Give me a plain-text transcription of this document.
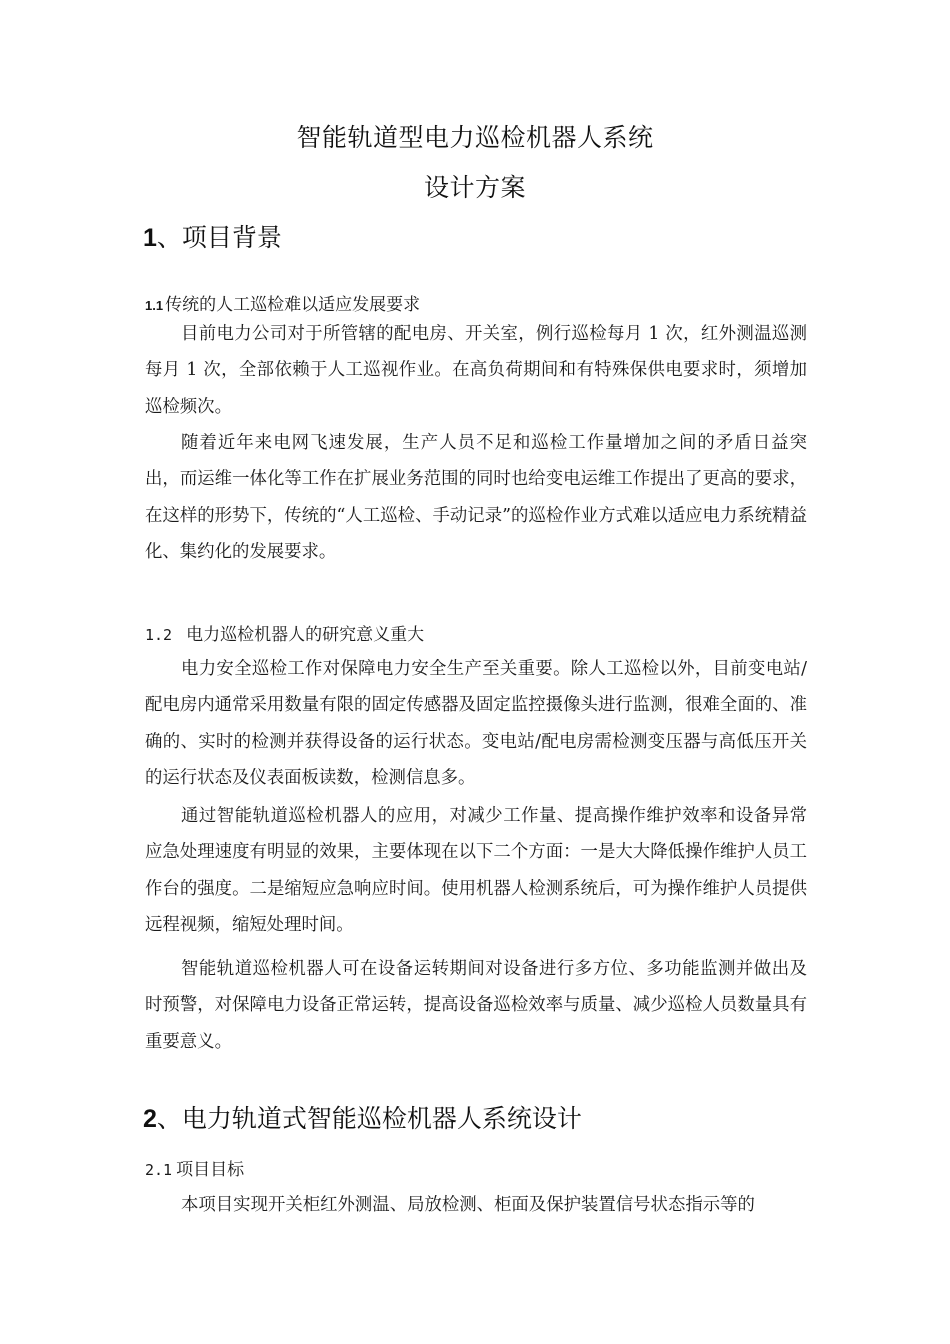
智能轨道型电力巡检机器人系统
设计方案
1、项目背景
1.1 传统的人工巡检难以适应发展要求
目前电力公司对于所管辖的配电房、开关室，例行巡检每月 1 次，红外测温巡测每月 1 次，全部依赖于人工巡视作业。在高负荷期间和有特殊保供电要求时，须增加巡检频次。
随着近年来电网飞速发展，生产人员不足和巡检工作量增加之间的矛盾日益突出，而运维一体化等工作在扩展业务范围的同时也给变电运维工作提出了更高的要求，在这样的形势下，传统的“人工巡检、手动记录”的巡检作业方式难以适应电力系统精益化、集约化的发展要求。
1.2 电力巡检机器人的研究意义重大
电力安全巡检工作对保障电力安全生产至关重要。除人工巡检以外，目前变电站/配电房内通常采用数量有限的固定传感器及固定监控摄像头进行监测，很难全面的、准确的、实时的检测并获得设备的运行状态。变电站/配电房需检测变压器与高低压开关的运行状态及仪表面板读数，检测信息多。
通过智能轨道巡检机器人的应用，对减少工作量、提高操作维护效率和设备异常应急处理速度有明显的效果，主要体现在以下二个方面：一是大大降低操作维护人员工作台的强度。二是缩短应急响应时间。使用机器人检测系统后，可为操作维护人员提供远程视频，缩短处理时间。
智能轨道巡检机器人可在设备运转期间对设备进行多方位、多功能监测并做出及时预警，对保障电力设备正常运转，提高设备巡检效率与质量、减少巡检人员数量具有重要意义。
2、电力轨道式智能巡检机器人系统设计
2.1 项目目标
本项目实现开关柜红外测温、局放检测、柜面及保护装置信号状态指示等的
